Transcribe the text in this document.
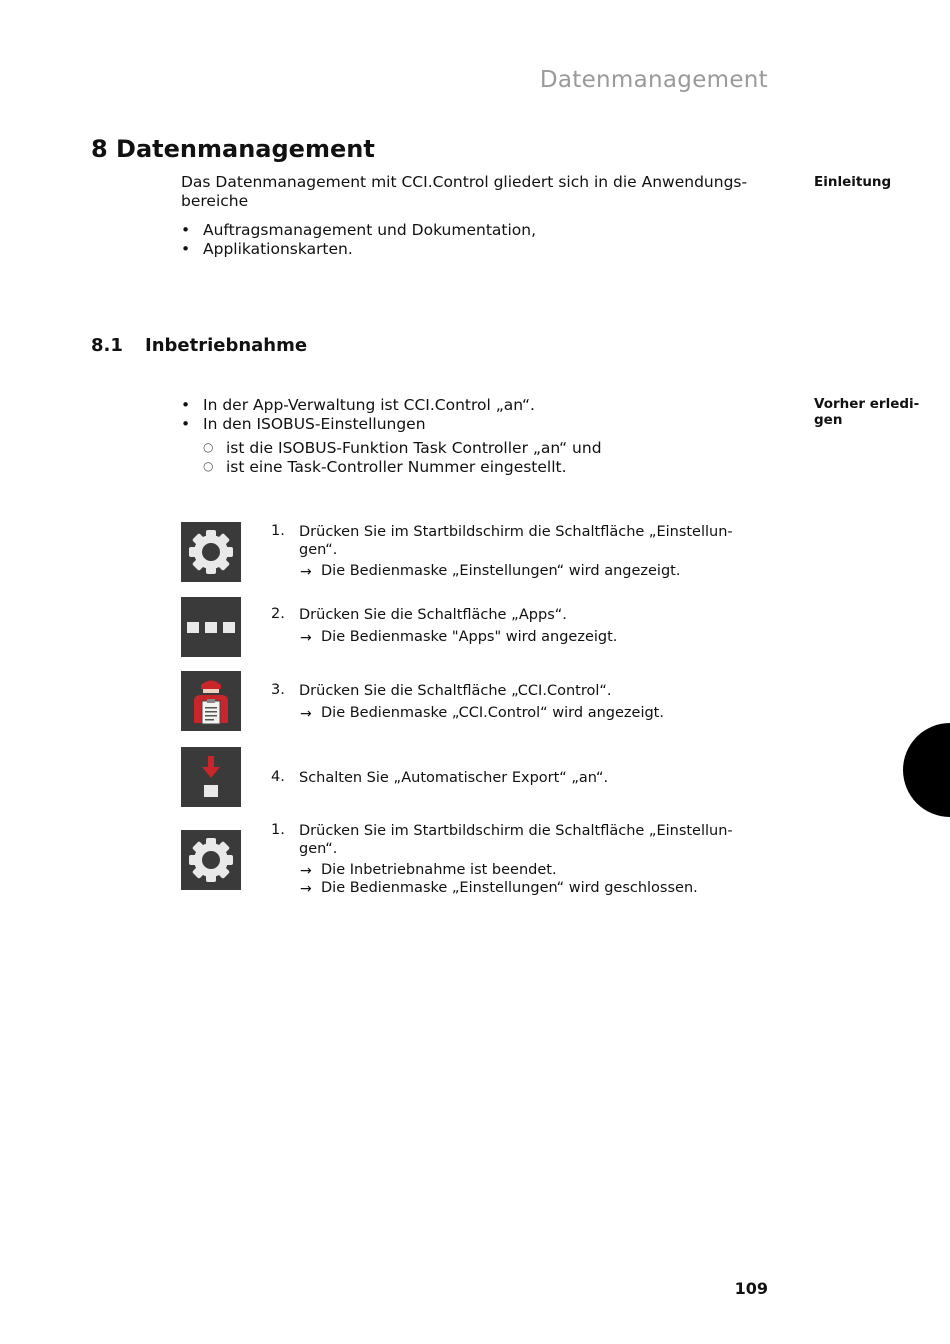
Datenmanagement
8 Datenmanagement
Das Datenmanagement mit CCI.Control gliedert sich in die Anwendungs-
bereiche
Einleitung
• Auftragsmanagement und Dokumentation,
• Applikationskarten.
8.1 Inbetriebnahme
Vorher erledi-
gen
• In der App-Verwaltung ist CCI.Control „an“.
• In den ISOBUS-Einstellungen
○ ist die ISOBUS-Funktion Task Controller „an“ und
○ ist eine Task-Controller Nummer eingestellt.
1. Drücken Sie im Startbildschirm die Schaltfläche „Einstellun-
gen“.
→ Die Bedienmaske „Einstellungen“ wird angezeigt.
2. Drücken Sie die Schaltfläche „Apps“.
→ Die Bedienmaske "Apps" wird angezeigt.
3. Drücken Sie die Schaltfläche „CCI.Control“.
→ Die Bedienmaske „CCI.Control“ wird angezeigt.
4. Schalten Sie „Automatischer Export“ „an“.
1. Drücken Sie im Startbildschirm die Schaltfläche „Einstellun-
gen“.
→ Die Inbetriebnahme ist beendet.
→ Die Bedienmaske „Einstellungen“ wird geschlossen.
109
